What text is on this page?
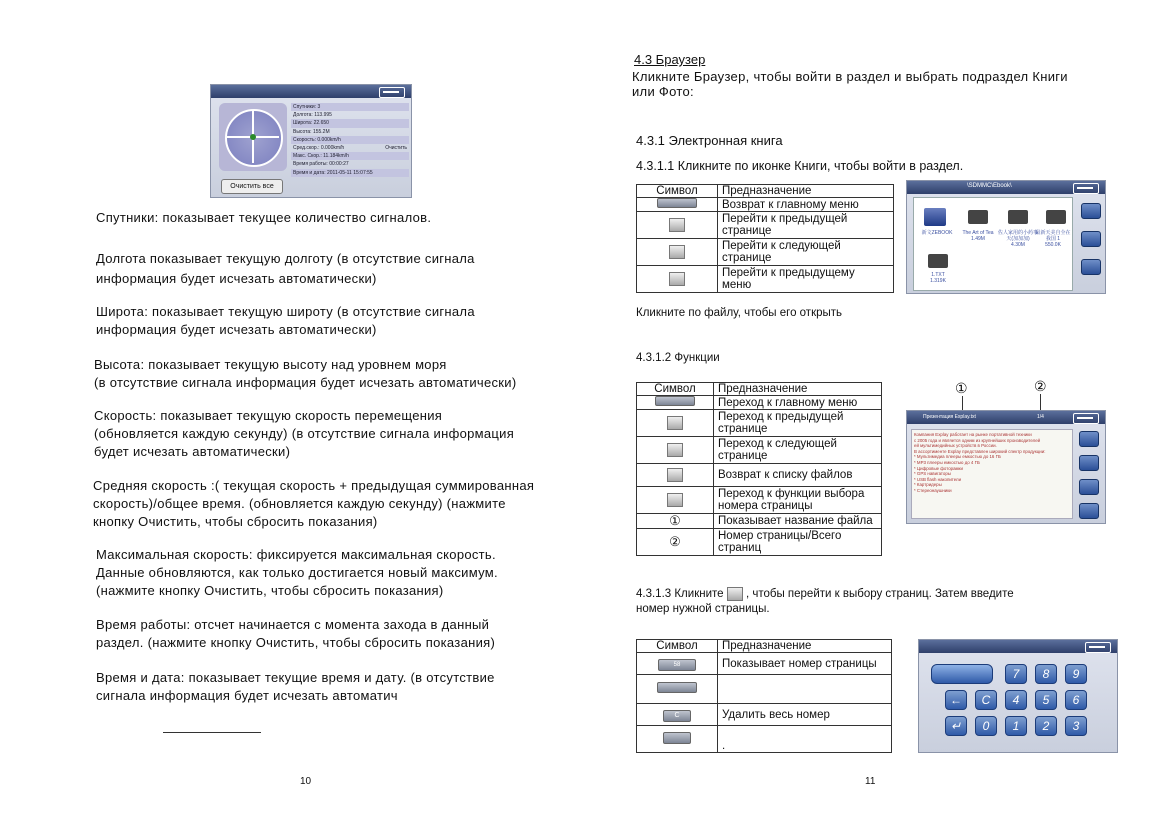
Спутники: 3
Долгота: 113.995
Широта: 22.650
Высота: 155.2M
Скорость: 0.000km/h
Сред.скор.: 0.000km/h	Очистить
Макс. Скор.: 11.184km/h
Время работы: 00:00:27
Время и дата: 2011-05-11 15:07:55
Очистить все
Спутники: показывает текущее количество сигналов.
Долгота показывает текущую долготу (в отсутствие сигнала
информация будет исчезать автоматически)
Широта: показывает текущую широту (в отсутствие сигнала
информация будет исчезать автоматически)
Высота: показывает текущую высоту над уровнем моря
(в отсутствие сигнала информация будет исчезать автоматически)
Скорость: показывает текущую скорость перемещения
(обновляется каждую секунду) (в отсутствие сигнала информация
будет исчезать автоматически)
Средняя скорость :( текущая скорость + предыдущая суммированная
скорость)/общее время. (обновляется каждую секунду) (нажмите
кнопку Очистить, чтобы сбросить показания)
Максимальная скорость: фиксируется максимальная скорость.
Данные обновляются, как только достигается новый максимум.
(нажмите кнопку Очистить, чтобы сбросить показания)
Время работы: отсчет начинается с момента захода в данный
раздел. (нажмите кнопку Очистить, чтобы сбросить показания)
Время и дата: показывает текущие время и дату. (в отсутствие
сигнала информация будет исчезать автоматич
10
4.3 Браузер
Кликните Браузер, чтобы войти в раздел и выбрать подраздел Книги
или Фото:
4.3.1 Электронная книга
4.3.1.1 Кликните по иконке Книги, чтобы войти в раздел.
Символ	Предназначение
	Возврат к главному меню
	Перейти к предыдущей
странице
	Перейти к следующей
странице
	Перейти к предыдущему
меню
\SDMMC\Ebook\
新文ZEBOOK	The Art of Tea
1.49M
佐人家用的小药事天(加加加)
4.30M
最新天美自全在我国 1
550.0K
1.TXT
1.319K
Кликните по файлу, чтобы его открыть
4.3.1.2 Функции
Символ	Предназначение
	Переход к главному меню
	Переход к предыдущей
странице
	Переход к следующей
странице
	Возврат к списку файлов
	Переход к функции выбора
номера страницы
①	Показывает название файла
②	Номер страницы/Всего
страниц
①	②
Презентация Explay.txt	1/4
Компания Explay работает на рынке портативной техники
с 2005 года и является одним из крупнейших производителей
ей мультимедийных устройств в России.
В ассортименте Explay представлен широкий спектр продукции:
* Мультимедиа плееры емкостью до 16 ГБ
* MP3 плееры емкостью до 4 ГБ
* Цифровые фоторамки
* GPS навигаторы
* USB flash накопители
* Картридеры
* Стереонаушники
4.3.1.3 Кликните  , чтобы перейти к выбору страниц. Затем введите
номер нужной страницы.
Символ	Предназначение
58	Показывает номер страницы

C	Удалить весь номер
	.
7	8	9
←	C	4	5	6
↵	0	1	2	3
11
